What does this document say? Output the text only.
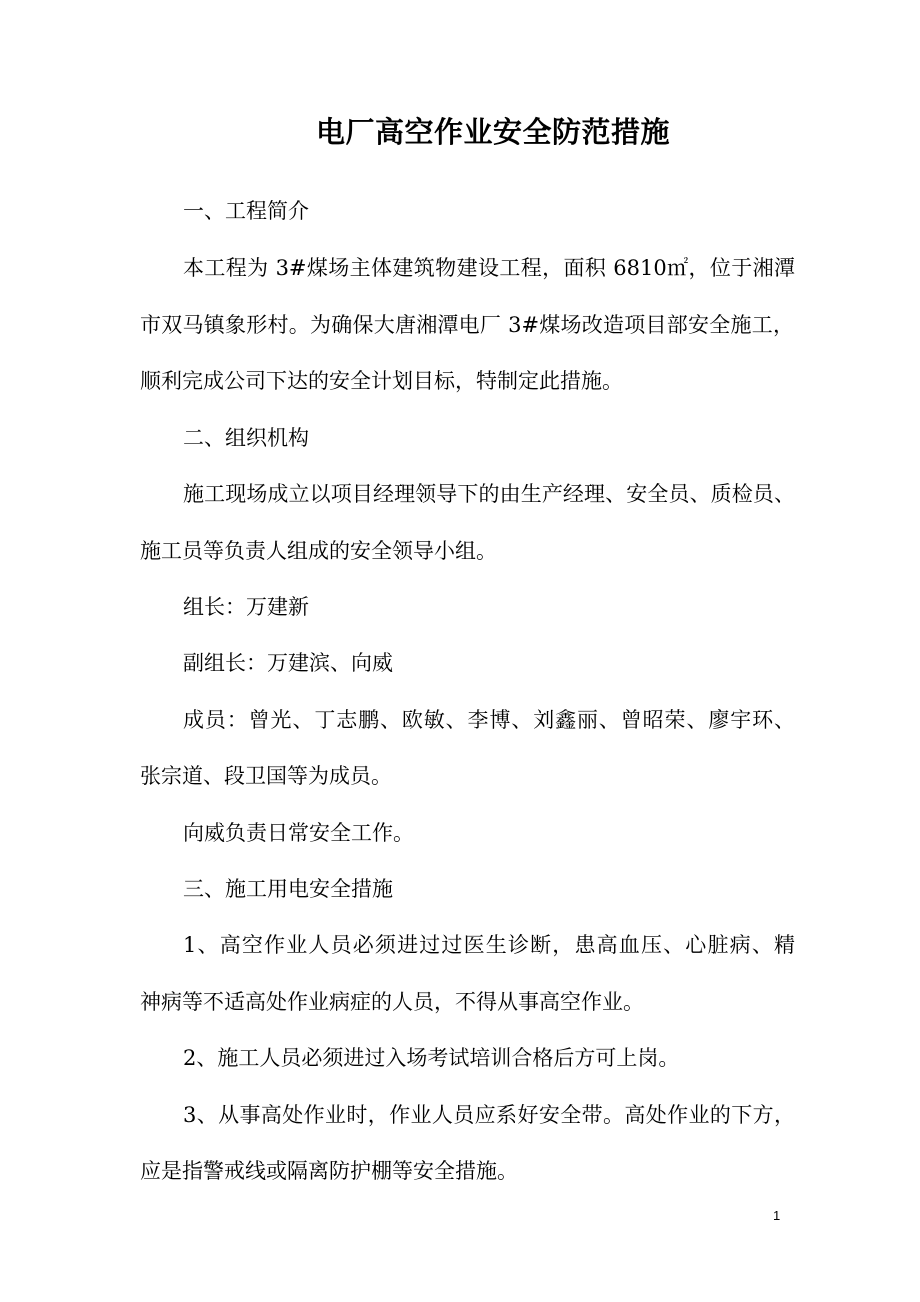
电厂高空作业安全防范措施
一、工程简介
本工程为 3#煤场主体建筑物建设工程，面积 6810㎡，位于湘潭
市双马镇象形村。为确保大唐湘潭电厂 3#煤场改造项目部安全施工，
顺利完成公司下达的安全计划目标，特制定此措施。
二、组织机构
施工现场成立以项目经理领导下的由生产经理、安全员、质检员、
施工员等负责人组成的安全领导小组。
组长：万建新
副组长：万建滨、向威
成员：曾光、丁志鹏、欧敏、李博、刘鑫丽、曾昭荣、廖宇环、
张宗道、段卫国等为成员。
向威负责日常安全工作。
三、施工用电安全措施
1、高空作业人员必须进过过医生诊断，患高血压、心脏病、精
神病等不适高处作业病症的人员，不得从事高空作业。
2、施工人员必须进过入场考试培训合格后方可上岗。
3、从事高处作业时，作业人员应系好安全带。高处作业的下方，
应是指警戒线或隔离防护棚等安全措施。
1
